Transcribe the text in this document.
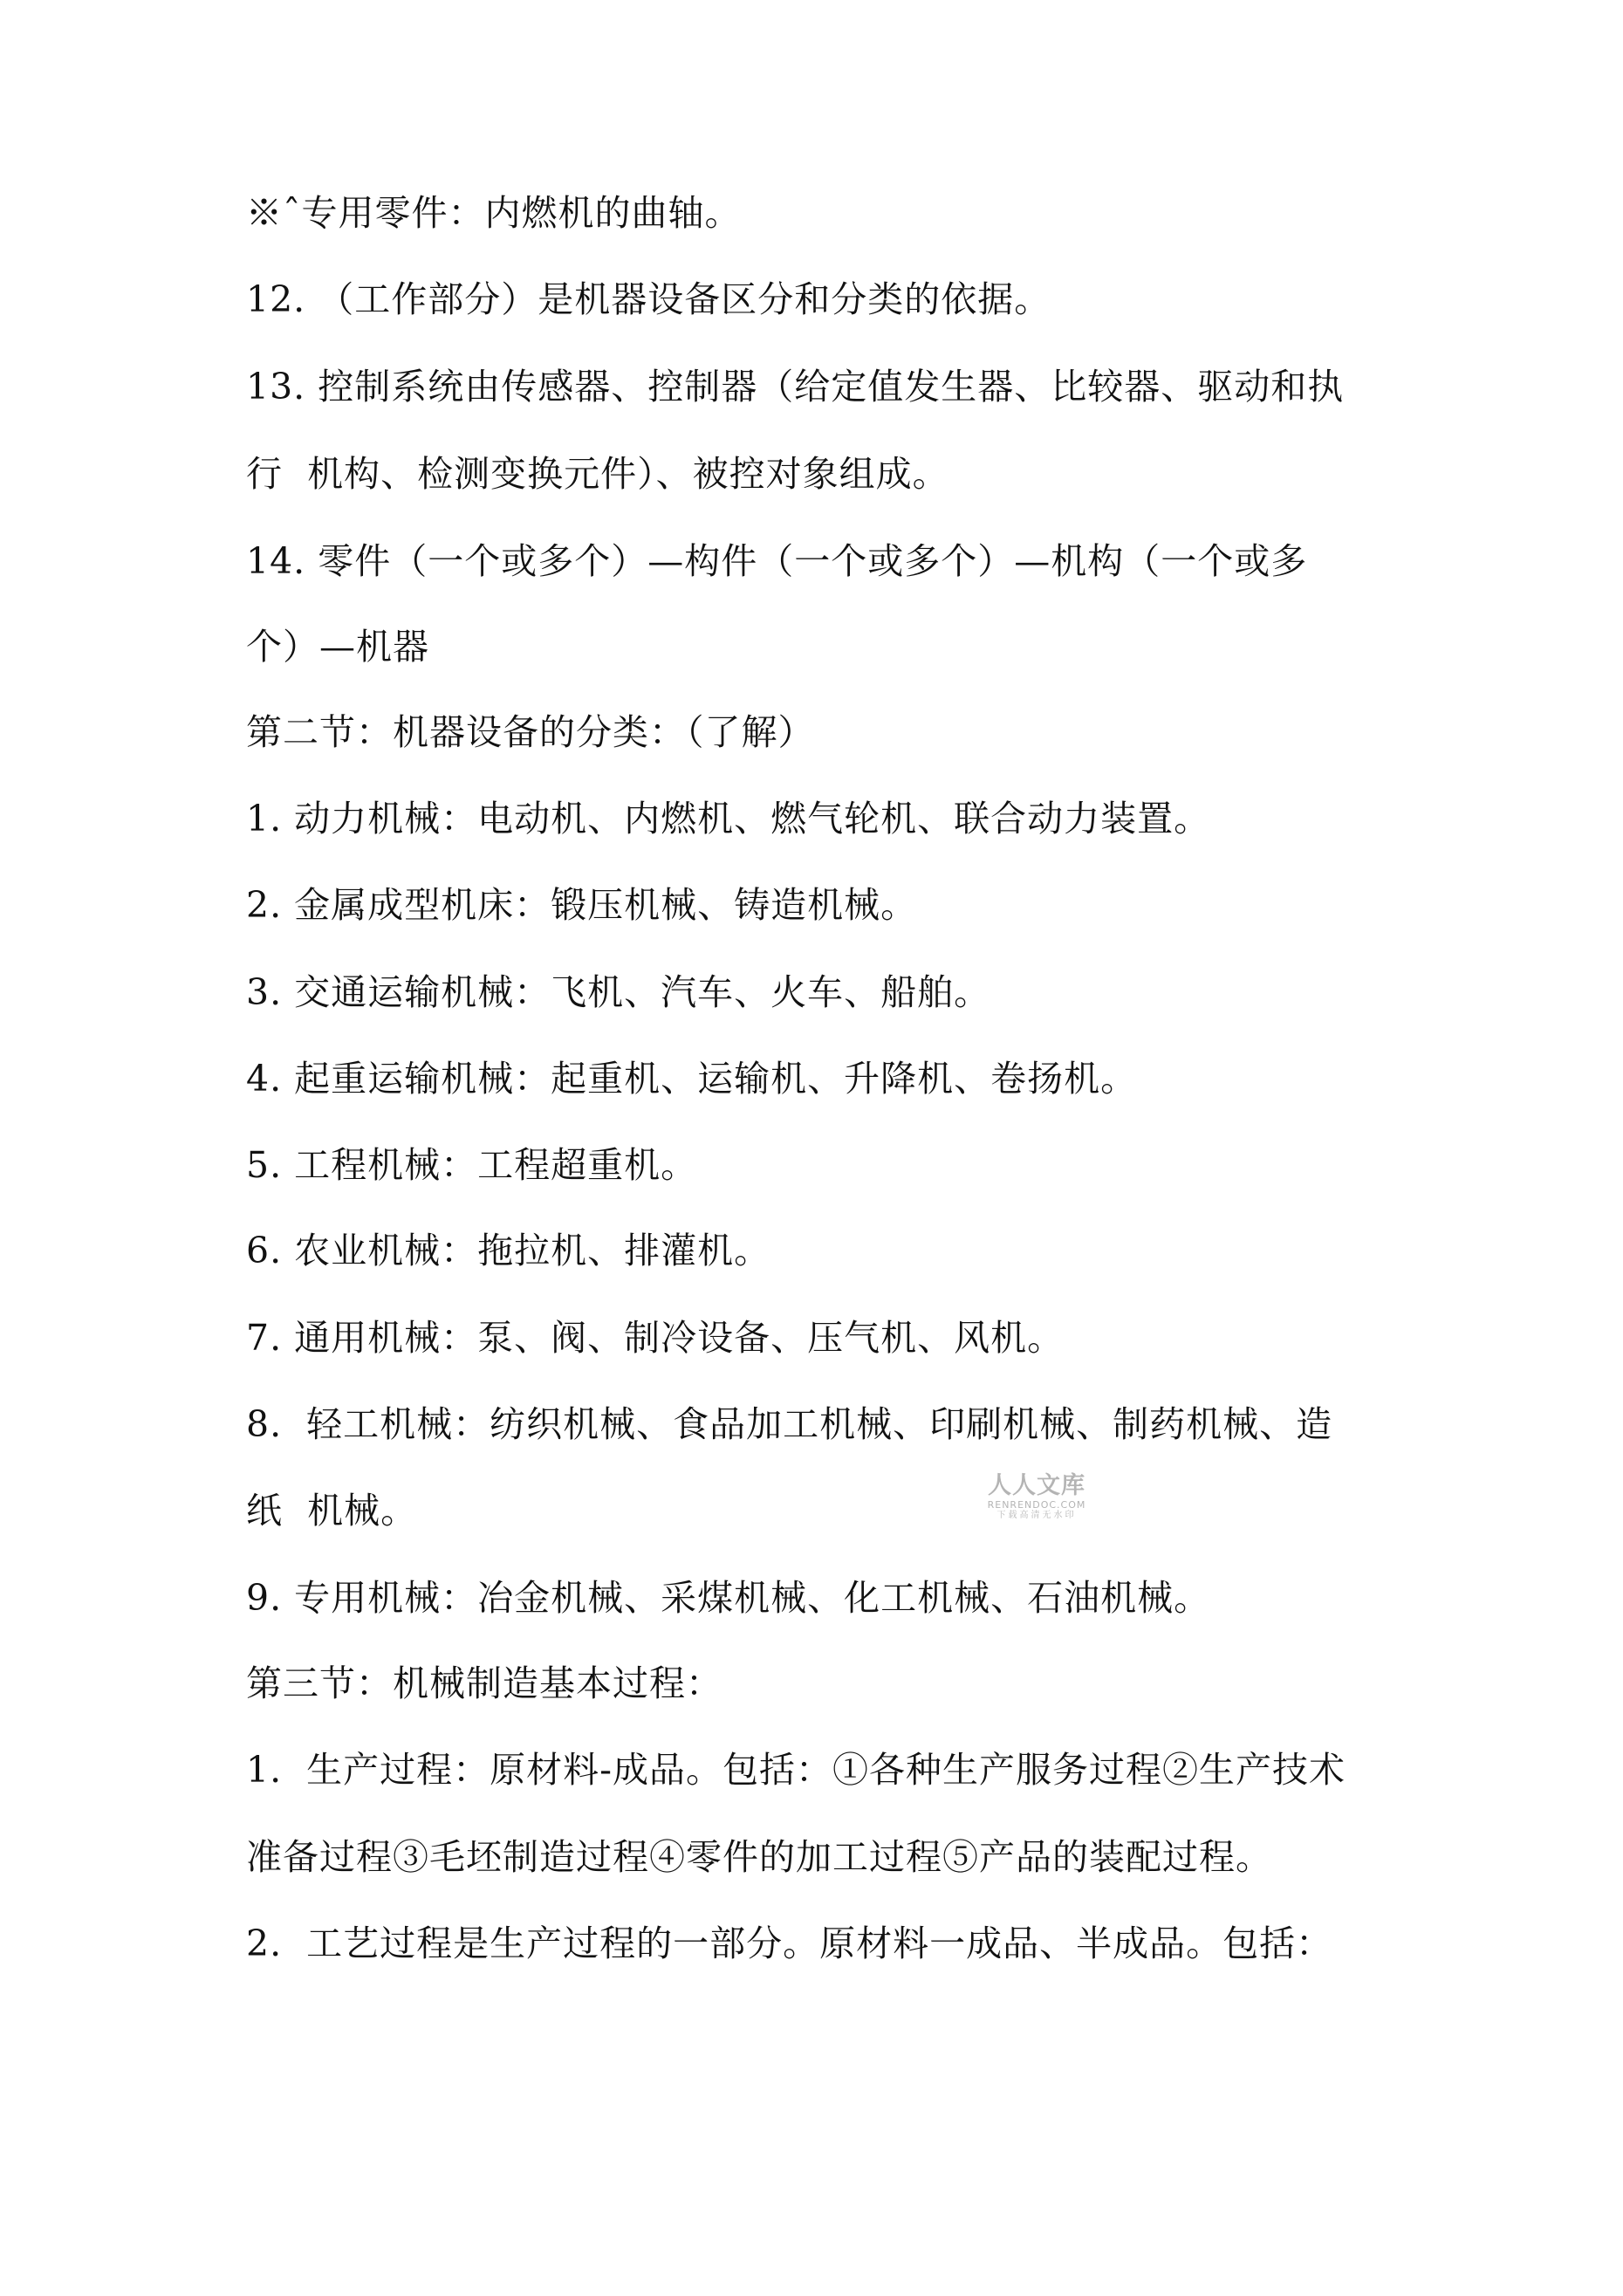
※ˆ专用零件：内燃机的曲轴。
12. （工作部分）是机器设备区分和分类的依据。
13. 控制系统由传感器、控制器（给定值发生器、比较器、驱动和执
行  机构、检测变换元件）、被控对象组成。
14. 零件（一个或多个）—构件（一个或多个）—机构（一个或多
个）—机器
第二节：机器设备的分类：（了解）
1. 动力机械：电动机、内燃机、燃气轮机、联合动力装置。
2. 金属成型机床：锻压机械、铸造机械。
3. 交通运输机械：飞机、汽车、火车、船舶。
4. 起重运输机械：起重机、运输机、升降机、卷扬机。
5. 工程机械：工程超重机。
6. 农业机械：拖拉机、排灌机。
7. 通用机械：泵、阀、制冷设备、压气机、风机。
8.  轻工机械：纺织机械、食品加工机械、印刷机械、制药机械、造
纸  机械。
9. 专用机械：冶金机械、采煤机械、化工机械、石油机械。
第三节：机械制造基本过程：
1.  生产过程：原材料-成品。包括：①各种生产服务过程②生产技术
准备过程③毛坯制造过程④零件的加工过程⑤产品的装配过程。
2.  工艺过程是生产过程的一部分。原材料一成品、半成品。包括：
人人文库
RENRENDOC.COM
下载高清无水印
